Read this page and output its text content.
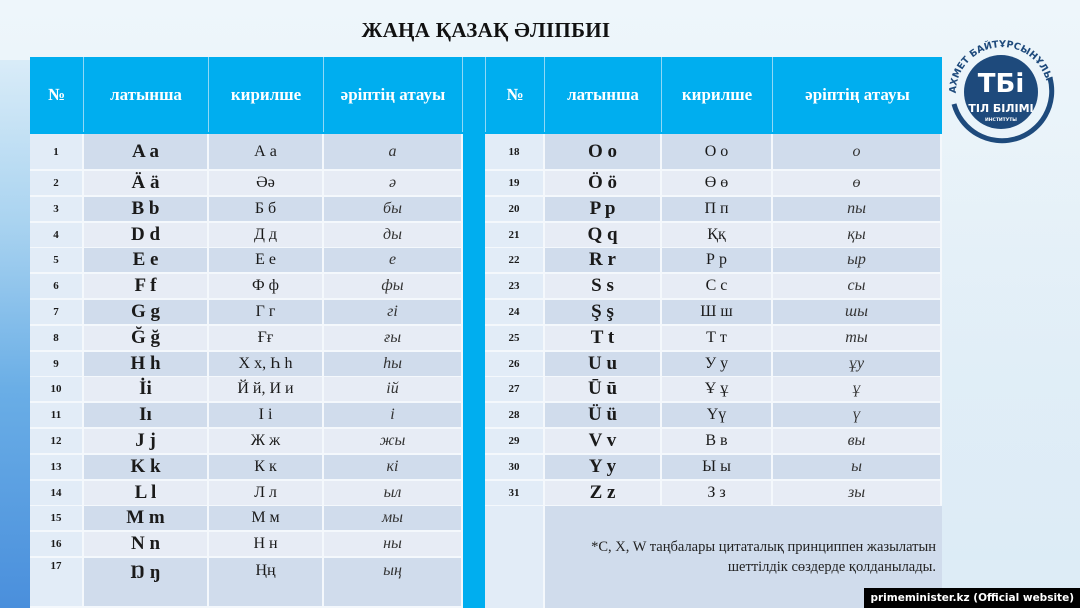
ЖАҢА ҚАЗАҚ ӘЛІПБИІ
№	латынша	кирилше	әріптің атауы	№	латынша	кирилше	әріптің атауы
1	A a	А а	а
2	Ä ä	Әә	ә
3	B b	Б б	бы
4	D d	Д д	ды
5	E e	Е е	е
6	F f	Ф ф	фы
7	G g	Г г	гі
8	Ğ ğ	Ғғ	ғы
9	H h	Х х, Һ һ	һы
10	İi	Й й, И и	ій
11	Iı	І і	і
12	J j	Ж ж	жы
13	K k	К к	кі
14	L l	Л л	ыл
15	M m	М м	мы
16	N n	Н н	ны
17	Ŋ ŋ	Ңң	ың
18	O o	О о	о
19	Ö ö	Ө ө	ө
20	P p	П п	пы
21	Q q	Ққ	қы
22	R r	Р р	ыр
23	S s	С с	сы
24	Ş ş	Ш ш	шы
25	T t	Т т	ты
26	U u	У у	ұу
27	Ū ū	Ұ ұ	ұ
28	Ü ü	Үү	ү
29	V v	В в	вы
30	Y y	Ы ы	ы
31	Z z	З з	зы
*C, X, W таңбалары цитаталық принциппен жазылатын
шеттілдік сөздерде қолданылады.
АХМЕТ БАЙТҰРСЫНҰЛЫ
ТБі
ТІЛ БІЛІМІ
ИНСТИТУТЫ
primeminister.kz (Official website)
